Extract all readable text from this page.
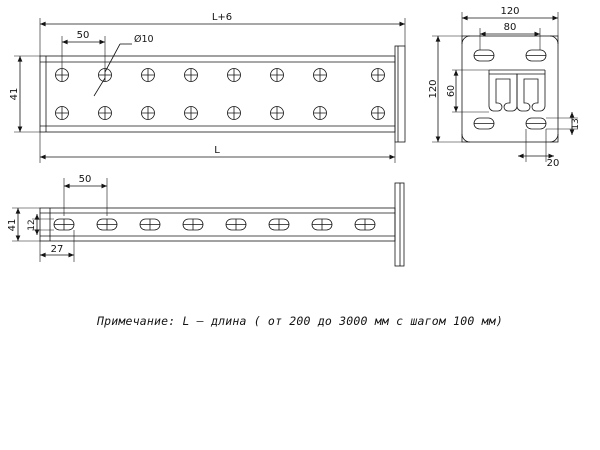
L+6
50	Ø10
41
L
50
41 12
27
120
80
120 60
20
13
Примечание: L – длина ( от 200 до 3000 мм с шагом 100 мм)
